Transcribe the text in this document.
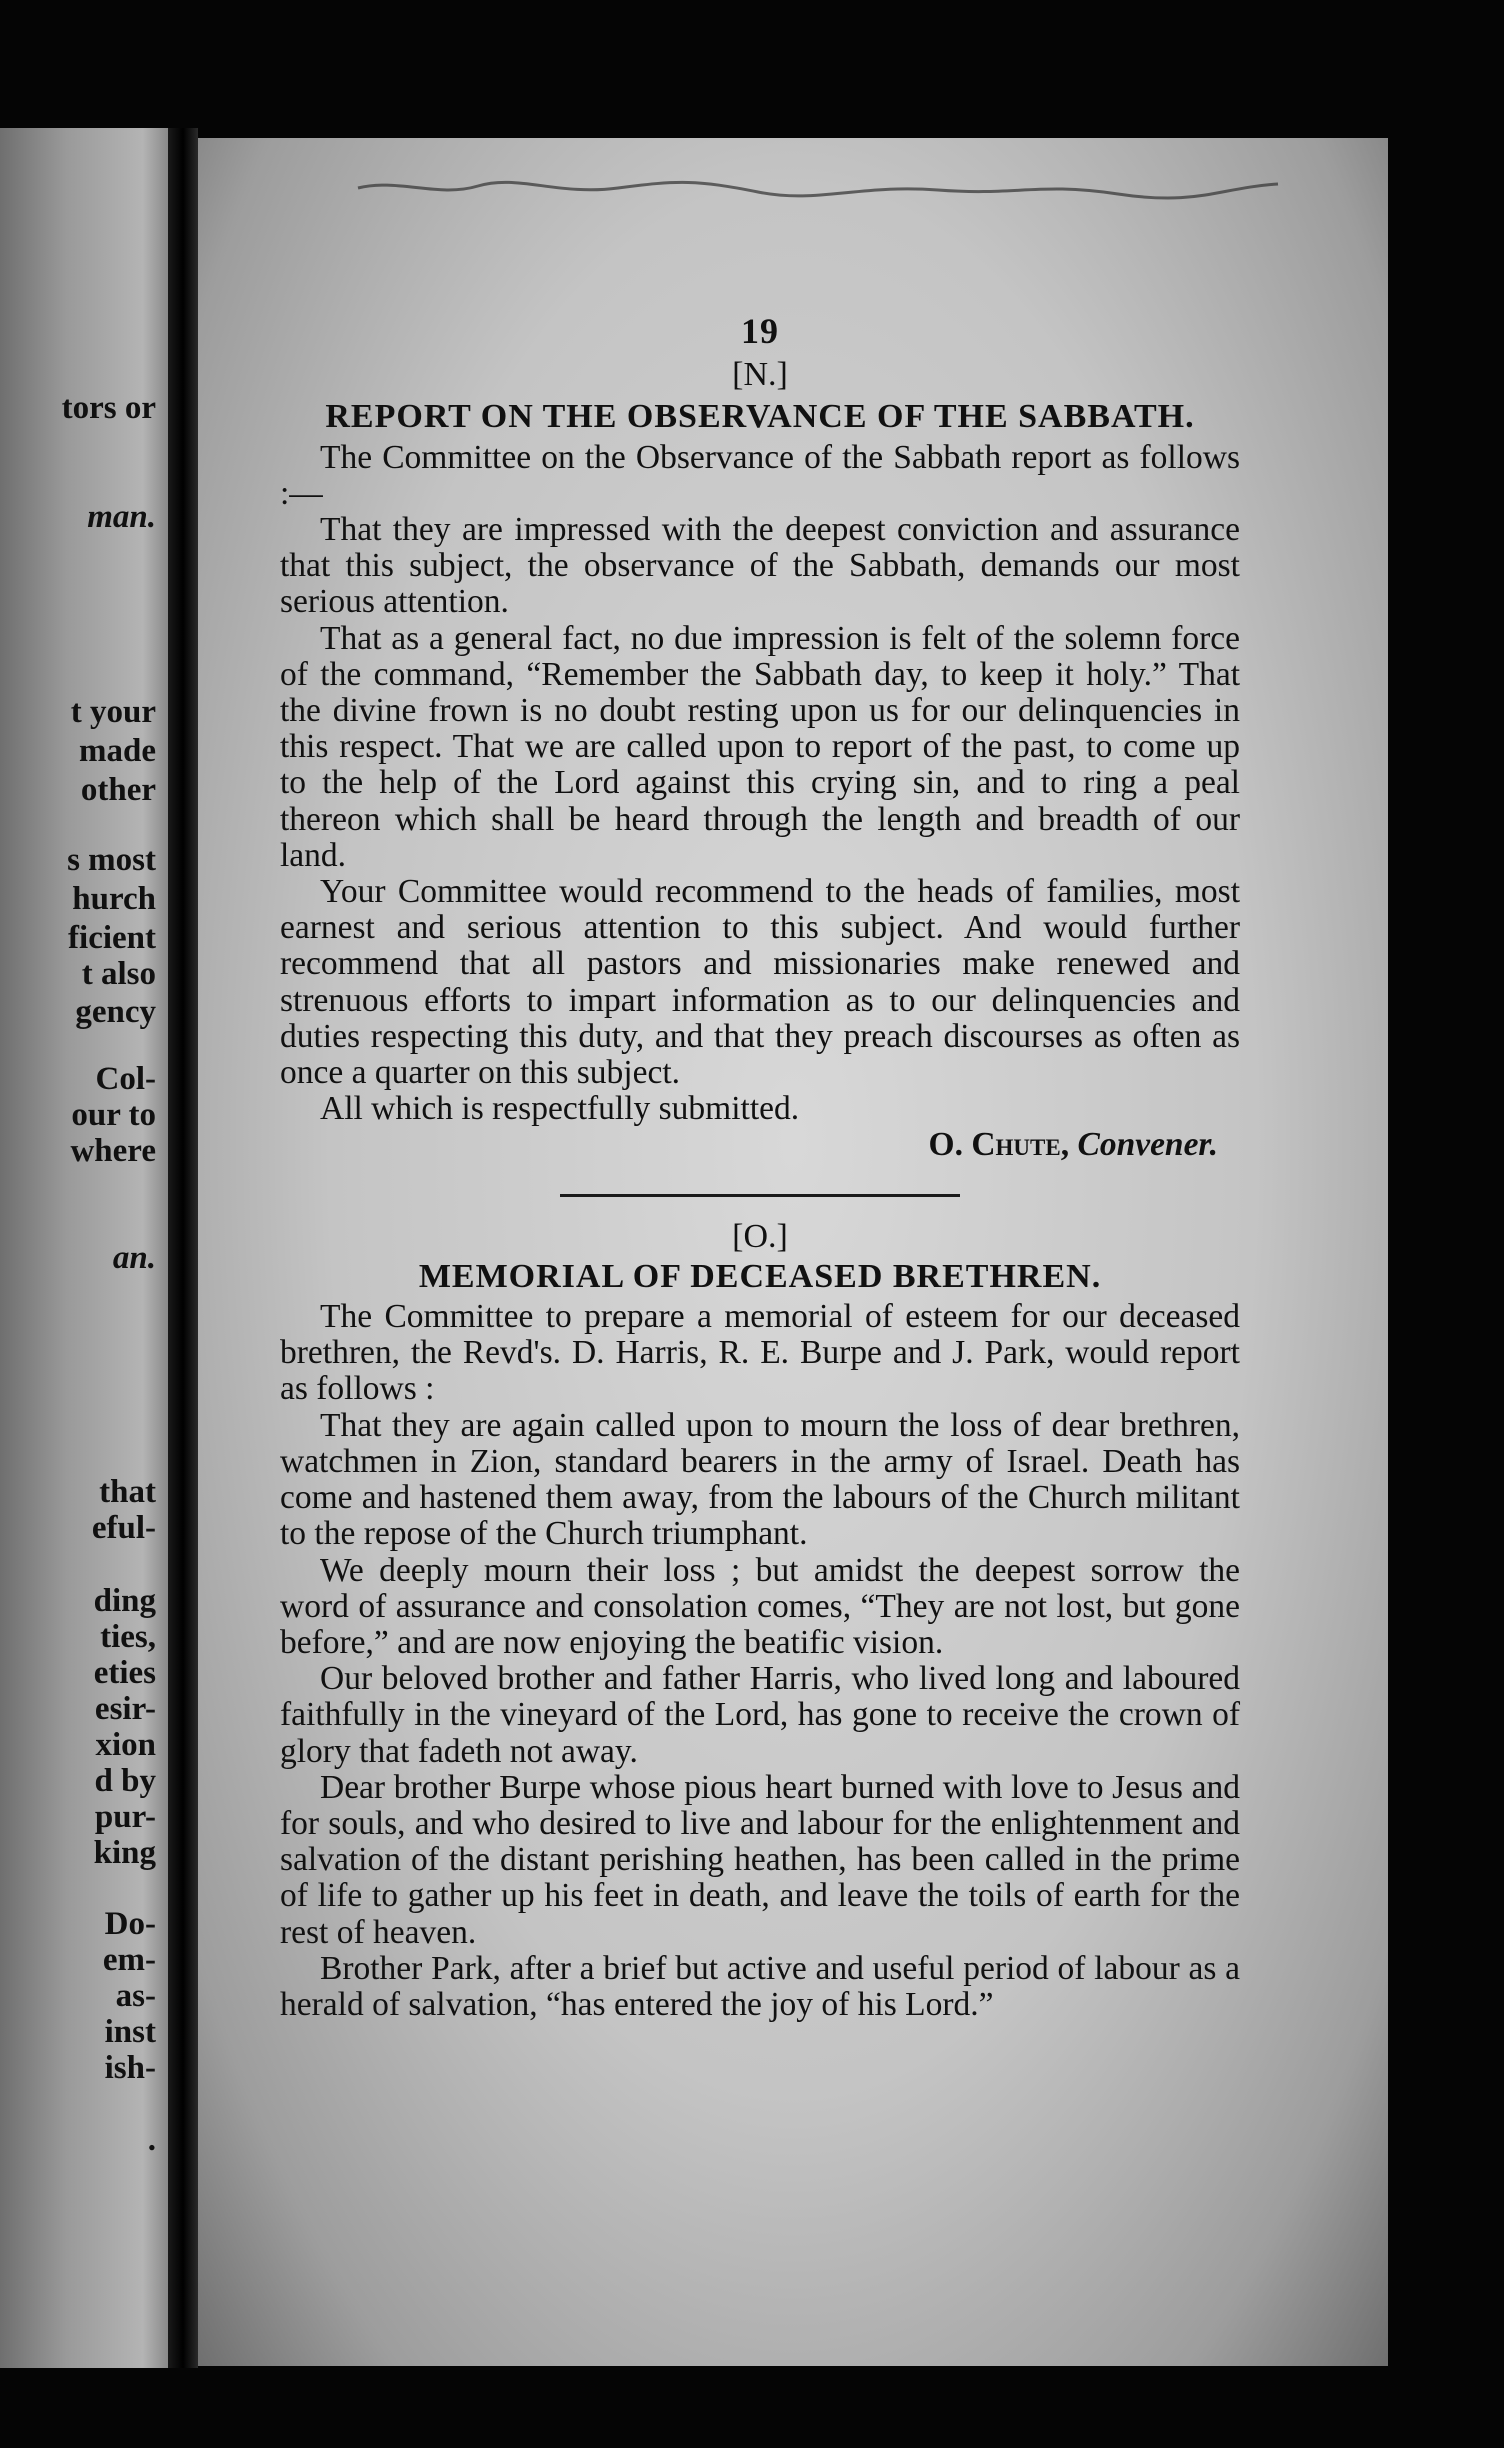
tors or
man.
t your
made
other
s most
hurch
ficient
t also
gency
Col-
our to
where
an.
that
eful-
ding
ties,
eties
esir-
xion
d by
pur-
king
Do-
em-
as-
inst
ish-
.
19
[N.]
REPORT ON THE OBSERVANCE OF THE SABBATH.

The Committee on the Observance of the Sabbath report as follows :—

That they are impressed with the deepest conviction and assurance that this subject, the observance of the Sabbath, demands our most serious attention.

That as a general fact, no due impression is felt of the solemn force of the command, “Remember the Sabbath day, to keep it holy.” That the divine frown is no doubt resting upon us for our delinquencies in this respect. That we are called upon to report of the past, to come up to the help of the Lord against this crying sin, and to ring a peal thereon which shall be heard through the length and breadth of our land.

Your Committee would recommend to the heads of families, most earnest and serious attention to this subject. And would further recommend that all pastors and missionaries make renewed and strenuous efforts to impart information as to our delinquencies and duties respecting this duty, and that they preach discourses as often as once a quarter on this subject.

All which is respectfully submitted.

O. Chute, Convener.
[O.]
MEMORIAL OF DECEASED BRETHREN.

The Committee to prepare a memorial of esteem for our deceased brethren, the Revd's. D. Harris, R. E. Burpe and J. Park, would report as follows :

That they are again called upon to mourn the loss of dear brethren, watchmen in Zion, standard bearers in the army of Israel. Death has come and hastened them away, from the labours of the Church militant to the repose of the Church triumphant.

We deeply mourn their loss ; but amidst the deepest sorrow the word of assurance and consolation comes, “They are not lost, but gone before,” and are now enjoying the beatific vision.

Our beloved brother and father Harris, who lived long and laboured faithfully in the vineyard of the Lord, has gone to receive the crown of glory that fadeth not away.

Dear brother Burpe whose pious heart burned with love to Jesus and for souls, and who desired to live and labour for the enlightenment and salvation of the distant perishing heathen, has been called in the prime of life to gather up his feet in death, and leave the toils of earth for the rest of heaven.

Brother Park, after a brief but active and useful period of labour as a herald of salvation, “has entered the joy of his Lord.”
